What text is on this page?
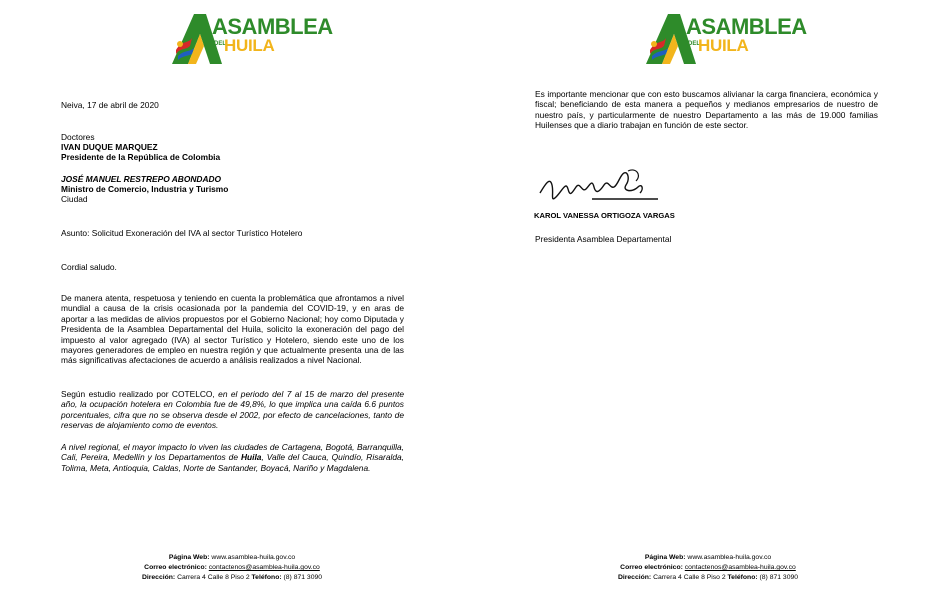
ASAMBLEA
DEL
HUILA
Neiva, 17 de abril de 2020
Doctores
IVAN DUQUE MARQUEZ
Presidente de la República de Colombia
JOSÉ MANUEL RESTREPO ABONDADO
Ministro de Comercio, Industria y Turismo
Ciudad
Asunto: Solicitud Exoneración del IVA al sector Turístico Hotelero
Cordial saludo.
De manera atenta, respetuosa y teniendo en cuenta la problemática que afrontamos a nivel mundial a causa de la crisis ocasionada por la pandemia del COVID-19, y en aras de aportar a las medidas de alivios propuestos por el Gobierno Nacional; hoy como Diputada y Presidenta de la Asamblea Departamental del Huila, solicito la exoneración del pago del impuesto al valor agregado (IVA) al sector Turístico y Hotelero, siendo este uno de los mayores generadores de empleo en nuestra región y que actualmente presenta una de las más significativas afectaciones de acuerdo a análisis realizados a nivel Nacional.
Según estudio realizado por COTELCO, en el periodo del 7 al 15 de marzo del presente año, la ocupación hotelera en Colombia fue de 49,8%, lo que implica una caída 6.6 puntos porcentuales, cifra que no se observa desde el 2002, por efecto de cancelaciones, tanto de reservas de alojamiento como de eventos.
A nivel regional, el mayor impacto lo viven las ciudades de Cartagena, Bogotá, Barranquilla, Cali, Pereira, Medellín y los Departamentos de Huila, Valle del Cauca, Quindío, Risaralda, Tolima, Meta, Antioquia, Caldas, Norte de Santander, Boyacá, Nariño y Magdalena.
Página Web: www.asamblea-huila.gov.co
Correo electrónico: contactenos@asamblea-huila.gov.co
Dirección: Carrera 4 Calle 8 Piso 2 Teléfono: (8) 871 3090
ASAMBLEA
DEL
HUILA
Es importante mencionar que con esto buscamos alivianar la carga financiera, económica y fiscal; beneficiando de esta manera a pequeños y medianos empresarios de nuestro de nuestro país, y particularmente de nuestro Departamento a las más de 19.000 familias Huilenses que a diario trabajan en función de este sector.
KAROL VANESSA ORTIGOZA VARGAS
Presidenta Asamblea Departamental
Página Web: www.asamblea-huila.gov.co
Correo electrónico: contactenos@asamblea-huila.gov.co
Dirección: Carrera 4 Calle 8 Piso 2 Teléfono: (8) 871 3090
